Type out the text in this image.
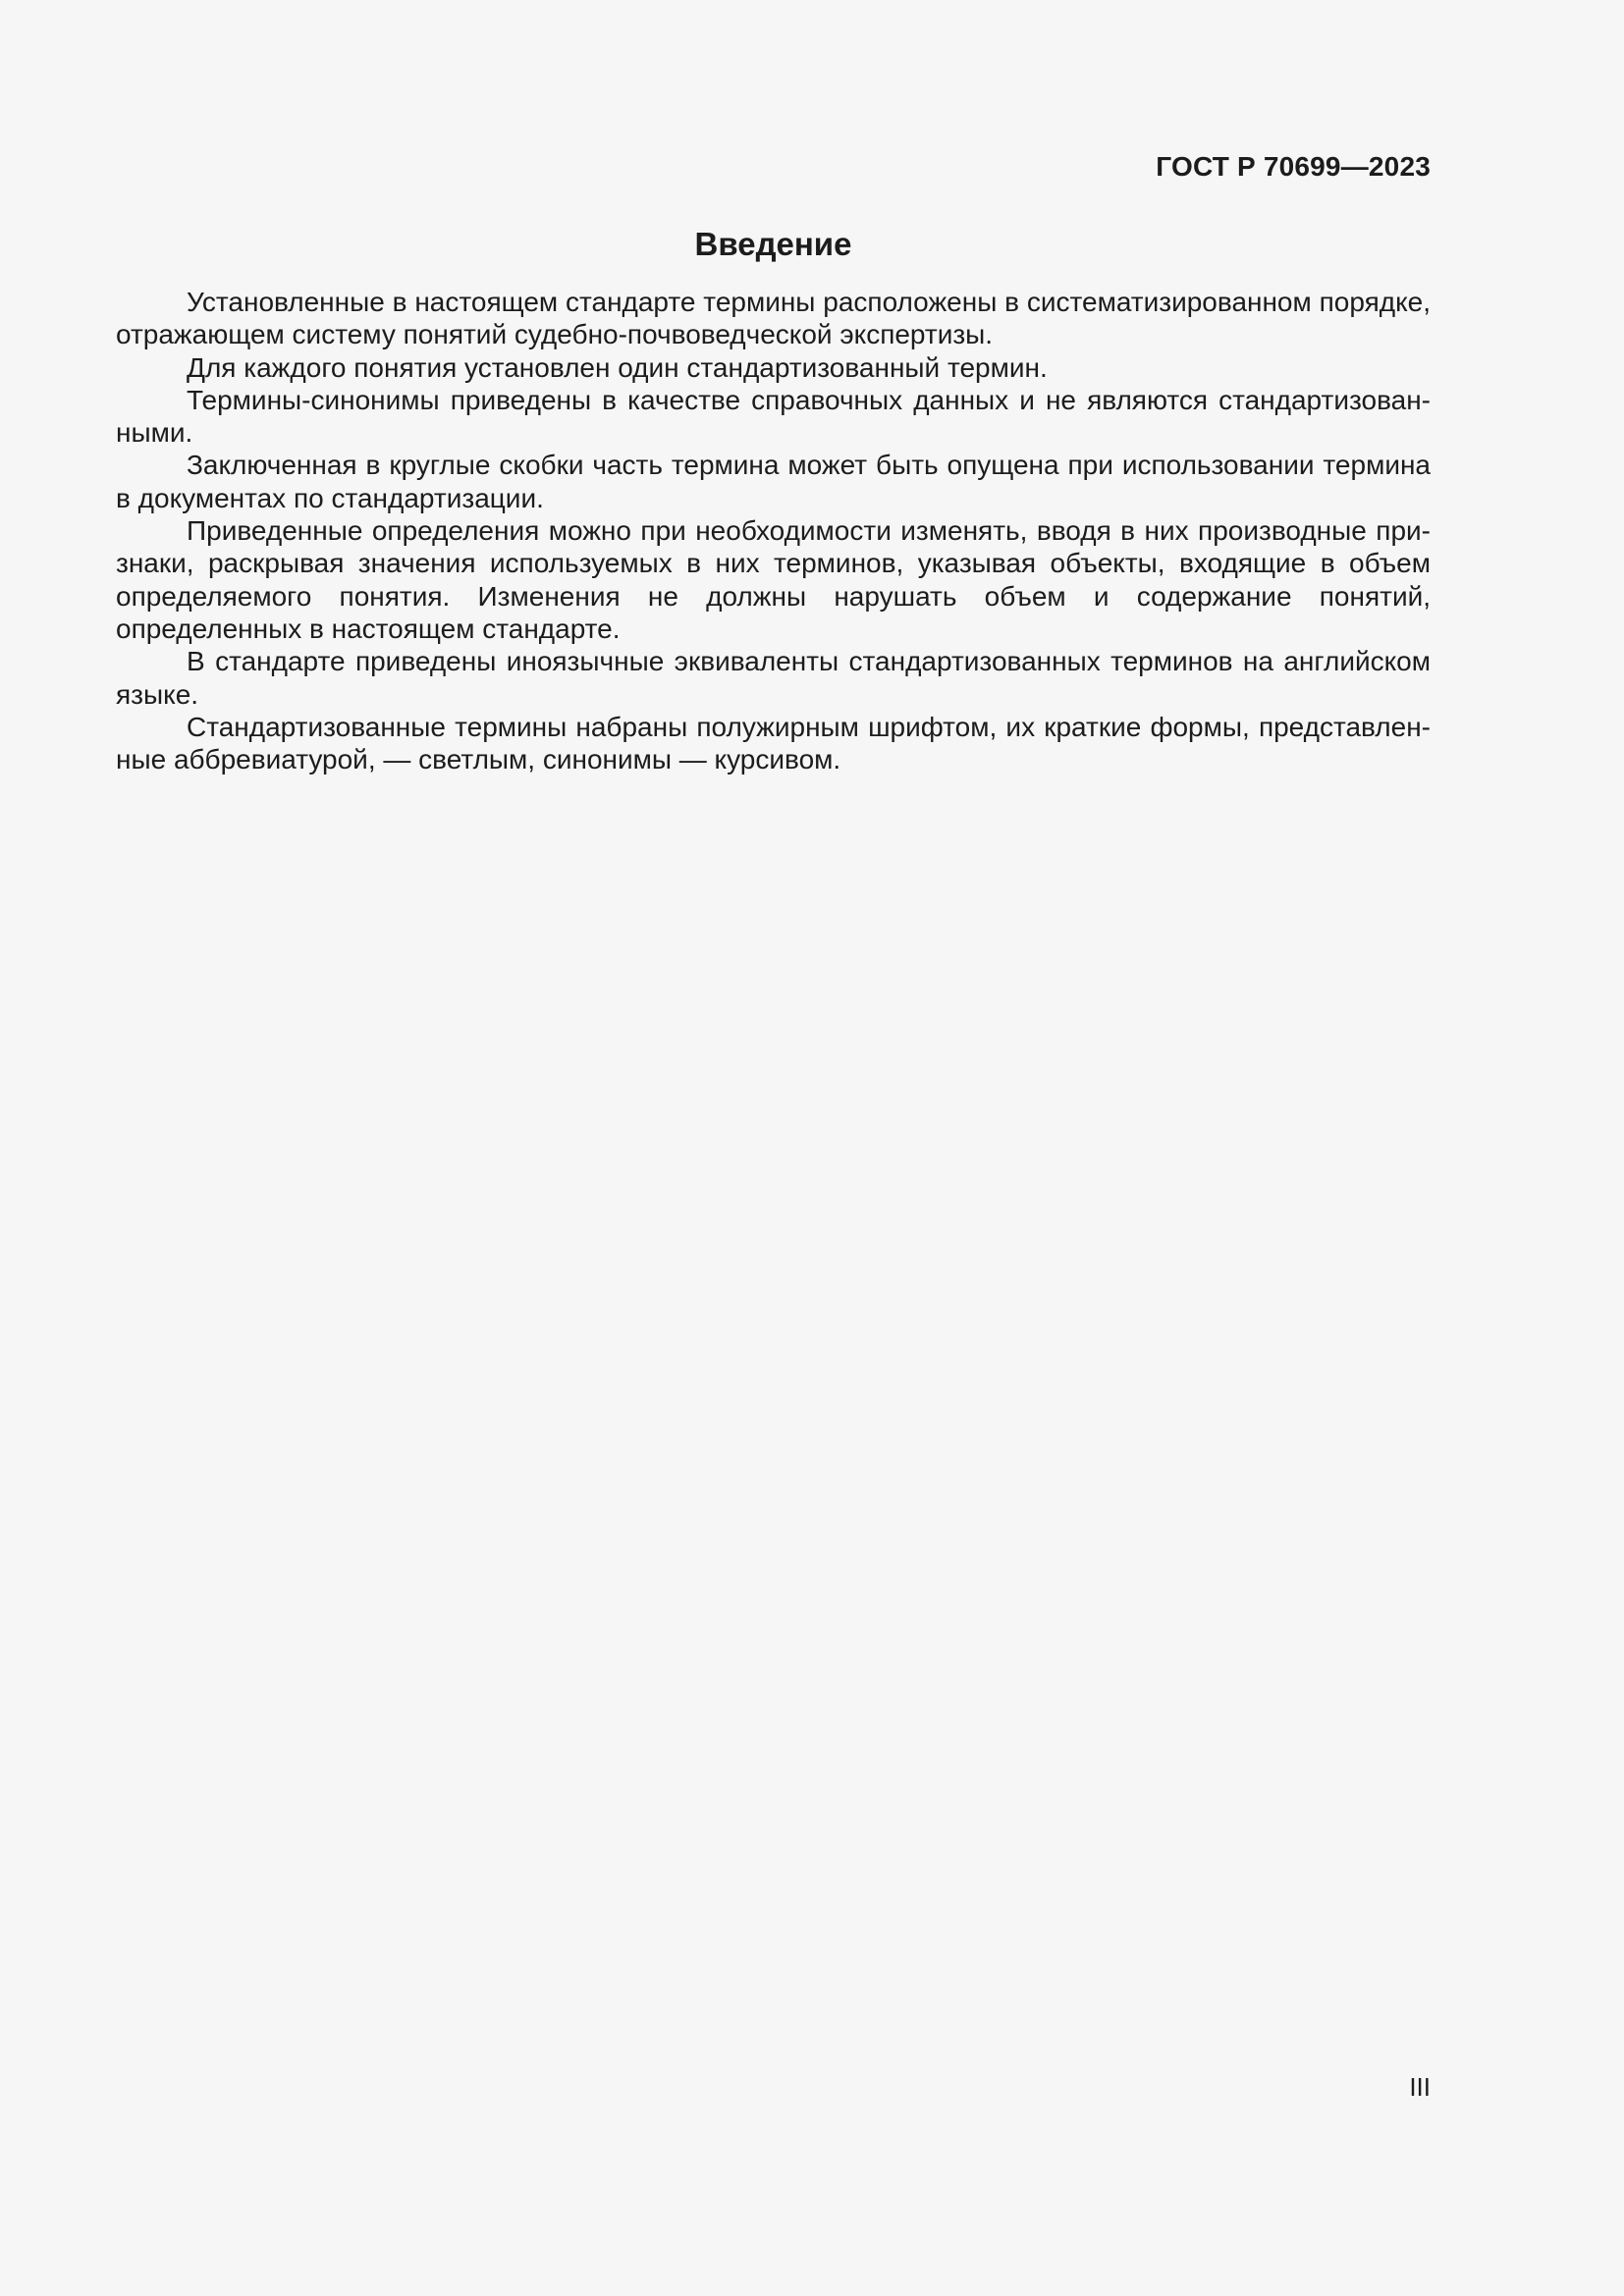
ГОСТ Р 70699—2023

Введение

Установленные в настоящем стандарте термины расположены в систематизированном порядке, отражающем систему понятий судебно-почвоведческой экспертизы.

Для каждого понятия установлен один стандартизованный термин.

Термины-синонимы приведены в качестве справочных данных и не являются стандартизованными.

Заключенная в круглые скобки часть термина может быть опущена при использовании термина в документах по стандартизации.

Приведенные определения можно при необходимости изменять, вводя в них производные признаки, раскрывая значения используемых в них терминов, указывая объекты, входящие в объем определяемого понятия. Изменения не должны нарушать объем и содержание понятий, определенных в настоящем стандарте.

В стандарте приведены иноязычные эквиваленты стандартизованных терминов на английском языке.

Стандартизованные термины набраны полужирным шрифтом, их краткие формы, представленные аббревиатурой, — светлым, синонимы — курсивом.

III
